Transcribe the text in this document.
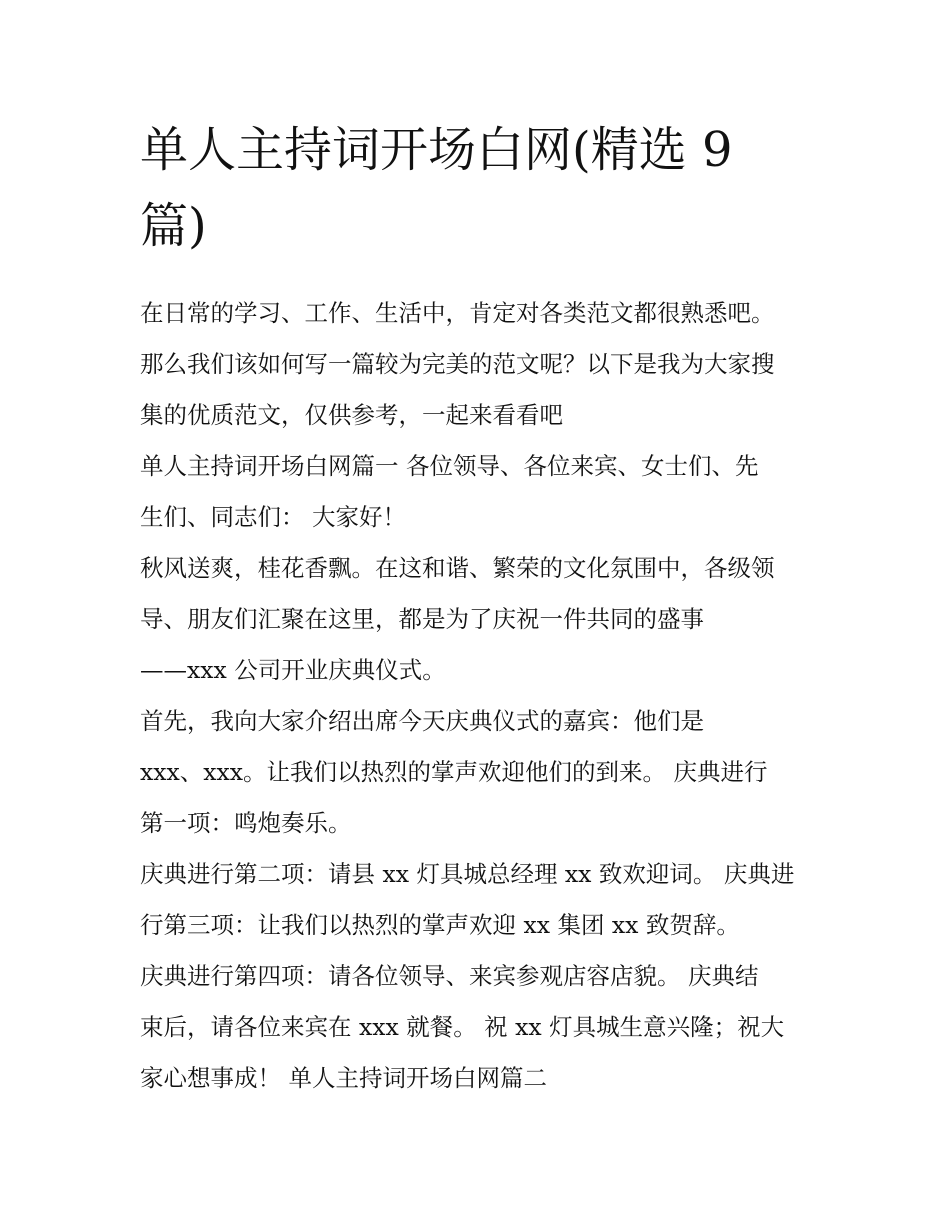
单人主持词开场白网(精选 9
篇)
在日常的学习、工作、生活中，肯定对各类范文都很熟悉吧。
那么我们该如何写一篇较为完美的范文呢？以下是我为大家搜
集的优质范文，仅供参考，一起来看看吧
单人主持词开场白网篇一 各位领导、各位来宾、女士们、先
生们、同志们： 大家好！
秋风送爽，桂花香飘。在这和谐、繁荣的文化氛围中，各级领
导、朋友们汇聚在这里，都是为了庆祝一件共同的盛事
——xxx 公司开业庆典仪式。
首先，我向大家介绍出席今天庆典仪式的嘉宾：他们是
xxx、xxx。让我们以热烈的掌声欢迎他们的到来。 庆典进行
第一项：鸣炮奏乐。
庆典进行第二项：请县 xx 灯具城总经理 xx 致欢迎词。 庆典进
行第三项：让我们以热烈的掌声欢迎 xx 集团 xx 致贺辞。
庆典进行第四项：请各位领导、来宾参观店容店貌。 庆典结
束后，请各位来宾在 xxx 就餐。 祝 xx 灯具城生意兴隆；祝大
家心想事成！ 单人主持词开场白网篇二
